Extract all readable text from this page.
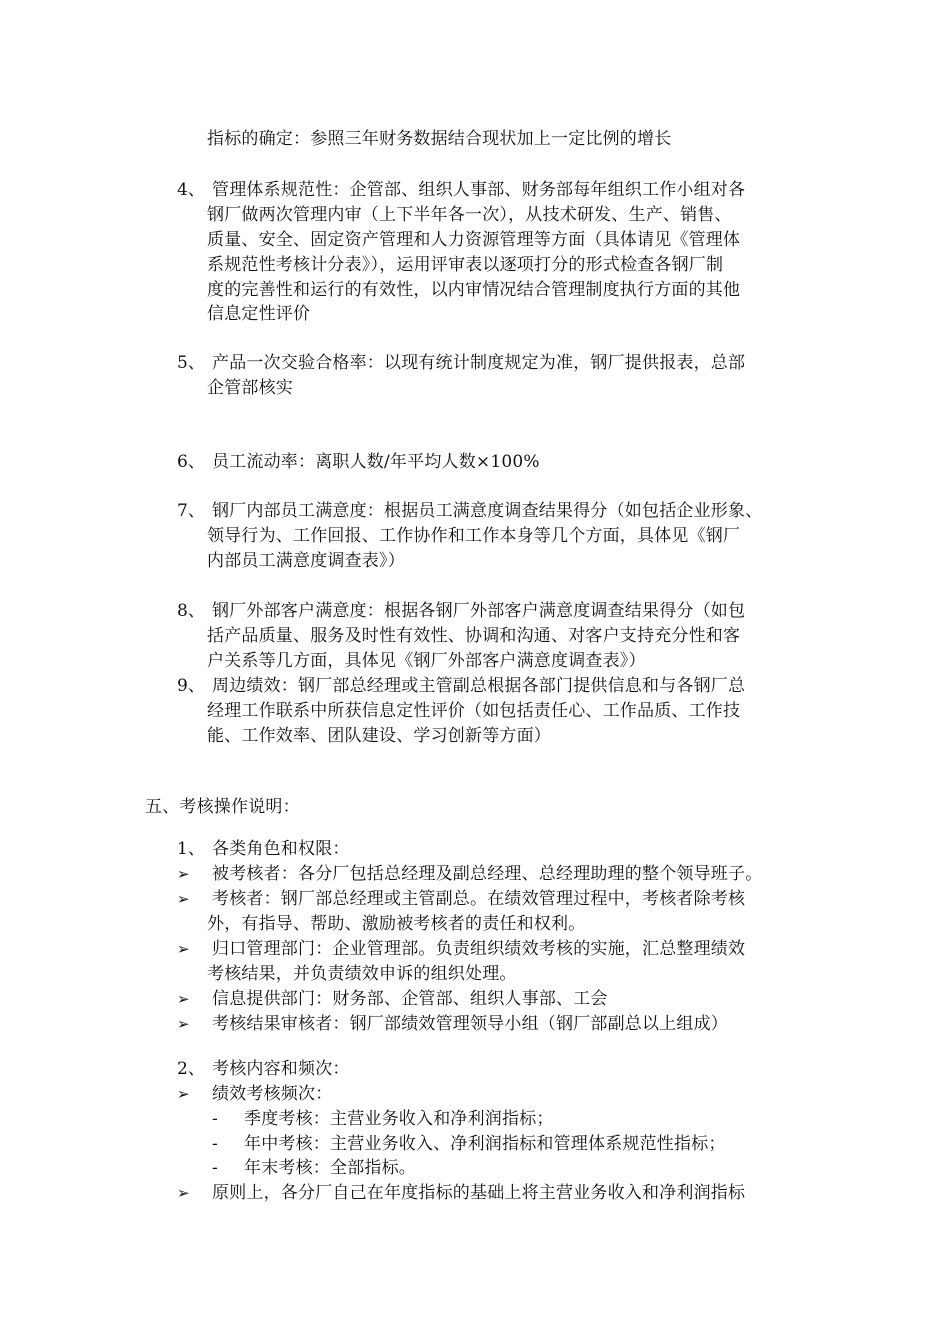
指标的确定：参照三年财务数据结合现状加上一定比例的增长
4、 管理体系规范性：企管部、组织人事部、财务部每年组织工作小组对各
钢厂做两次管理内审（上下半年各一次），从技术研发、生产、销售、
质量、安全、固定资产管理和人力资源管理等方面（具体请见《管理体
系规范性考核计分表》），运用评审表以逐项打分的形式检查各钢厂制
度的完善性和运行的有效性，以内审情况结合管理制度执行方面的其他
信息定性评价
5、 产品一次交验合格率：以现有统计制度规定为准，钢厂提供报表，总部
企管部核实
6、 员工流动率：离职人数/年平均人数×100%
7、 钢厂内部员工满意度：根据员工满意度调查结果得分（如包括企业形象、
领导行为、工作回报、工作协作和工作本身等几个方面，具体见《钢厂
内部员工满意度调查表》）
8、 钢厂外部客户满意度：根据各钢厂外部客户满意度调查结果得分（如包
括产品质量、服务及时性有效性、协调和沟通、对客户支持充分性和客
户关系等几方面，具体见《钢厂外部客户满意度调查表》）
9、 周边绩效：钢厂部总经理或主管副总根据各部门提供信息和与各钢厂总
经理工作联系中所获信息定性评价（如包括责任心、工作品质、工作技
能、工作效率、团队建设、学习创新等方面）
五、考核操作说明：
1、 各类角色和权限：
➢ 被考核者：各分厂包括总经理及副总经理、总经理助理的整个领导班子。
➢ 考核者：钢厂部总经理或主管副总。在绩效管理过程中，考核者除考核
外，有指导、帮助、激励被考核者的责任和权利。
➢ 归口管理部门：企业管理部。负责组织绩效考核的实施，汇总整理绩效
考核结果，并负责绩效申诉的组织处理。
➢ 信息提供部门：财务部、企管部、组织人事部、工会
➢ 考核结果审核者：钢厂部绩效管理领导小组（钢厂部副总以上组成）
2、 考核内容和频次：
➢ 绩效考核频次：
- 季度考核：主营业务收入和净利润指标；
- 年中考核：主营业务收入、净利润指标和管理体系规范性指标；
- 年末考核：全部指标。
➢ 原则上，各分厂自己在年度指标的基础上将主营业务收入和净利润指标
